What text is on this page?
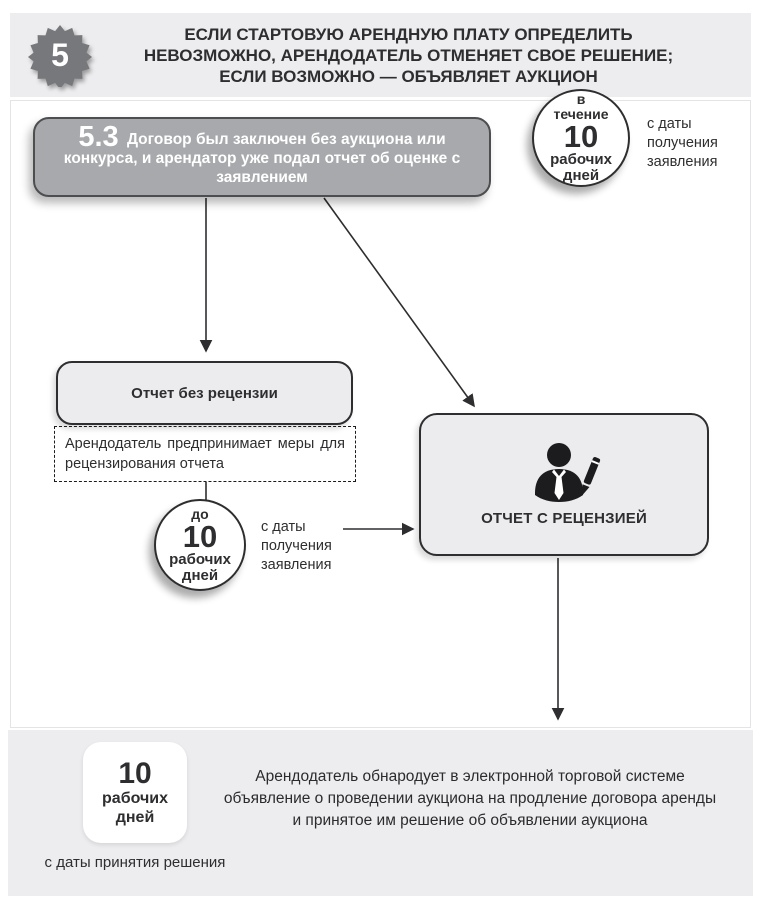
5
ЕСЛИ СТАРТОВУЮ АРЕНДНУЮ ПЛАТУ ОПРЕДЕЛИТЬ НЕВОЗМОЖНО, АРЕНДОДАТЕЛЬ ОТМЕНЯЕТ СВОЕ РЕШЕНИЕ; ЕСЛИ ВОЗМОЖНО — ОБЪЯВЛЯЕТ АУКЦИОН
5.3 Договор был заключен без аукциона или конкурса, и арендатор уже подал отчет об оценке с заявлением
в
течение
10
рабочих
дней
с даты получения заявления
Отчет без рецензии
Арендодатель предпринимает меры для рецензирования отчета
до
10
рабочих
дней
с даты получения заявления
ОТЧЕТ С РЕЦЕНЗИЕЙ
10
рабочих
дней
с даты принятия решения
Арендодатель обнародует в электронной торговой системе объявление о проведении аукциона на продление договора аренды и принятое им решение об объявлении аукциона
